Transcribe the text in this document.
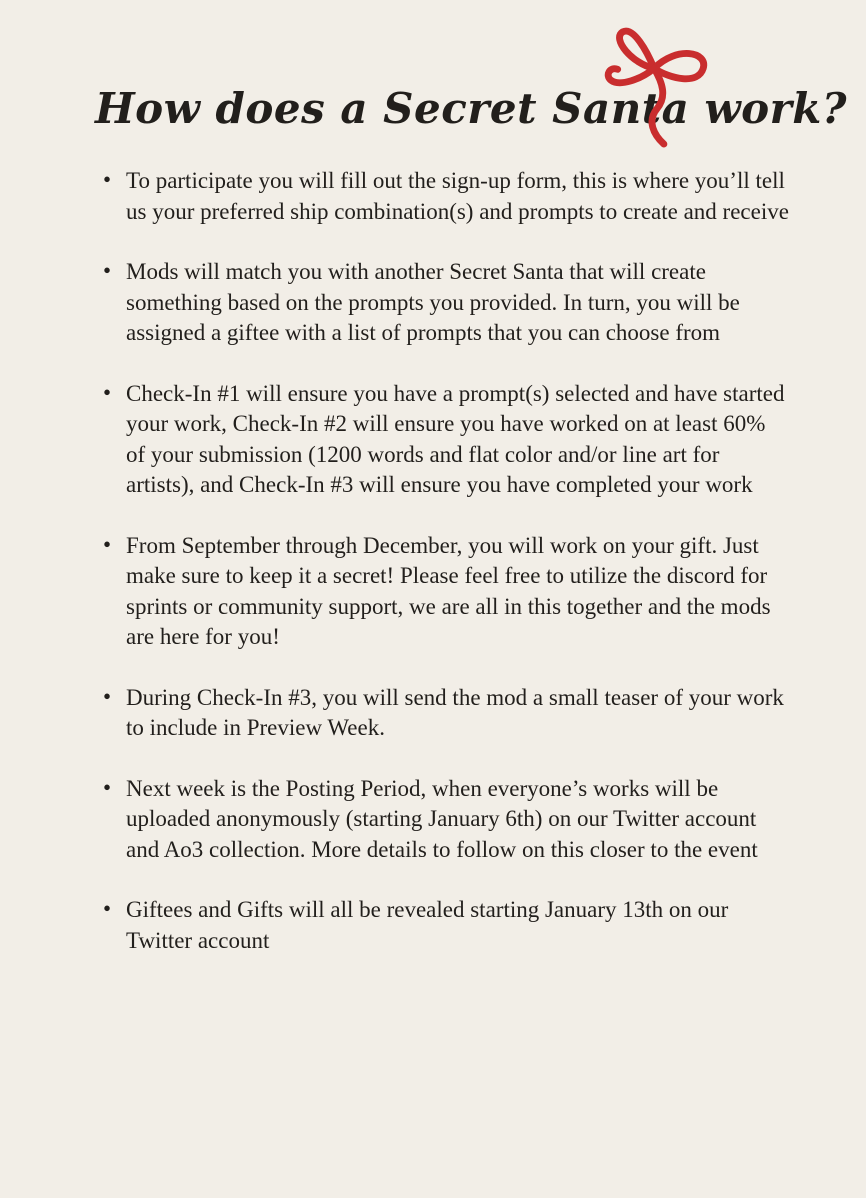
How does a Secret Santa work?
• To participate you will fill out the sign-up form, this is where you’ll tell us your preferred ship combination(s) and prompts to create and receive
• Mods will match you with another Secret Santa that will create something based on the prompts you provided. In turn, you will be assigned a giftee with a list of prompts that you can choose from
• Check-In #1 will ensure you have a prompt(s) selected and have started your work, Check-In #2 will ensure you have worked on at least 60% of your submission (1200 words and flat color and/or line art for artists), and Check-In #3 will ensure you have completed your work
• From September through December, you will work on your gift. Just make sure to keep it a secret! Please feel free to utilize the discord for sprints or community support, we are all in this together and the mods are here for you!
• During Check-In #3, you will send the mod a small teaser of your work to include in Preview Week.
• Next week is the Posting Period, when everyone’s works will be uploaded anonymously (starting January 6th) on our Twitter account and Ao3 collection. More details to follow on this closer to the event
• Giftees and Gifts will all be revealed starting January 13th on our Twitter account
